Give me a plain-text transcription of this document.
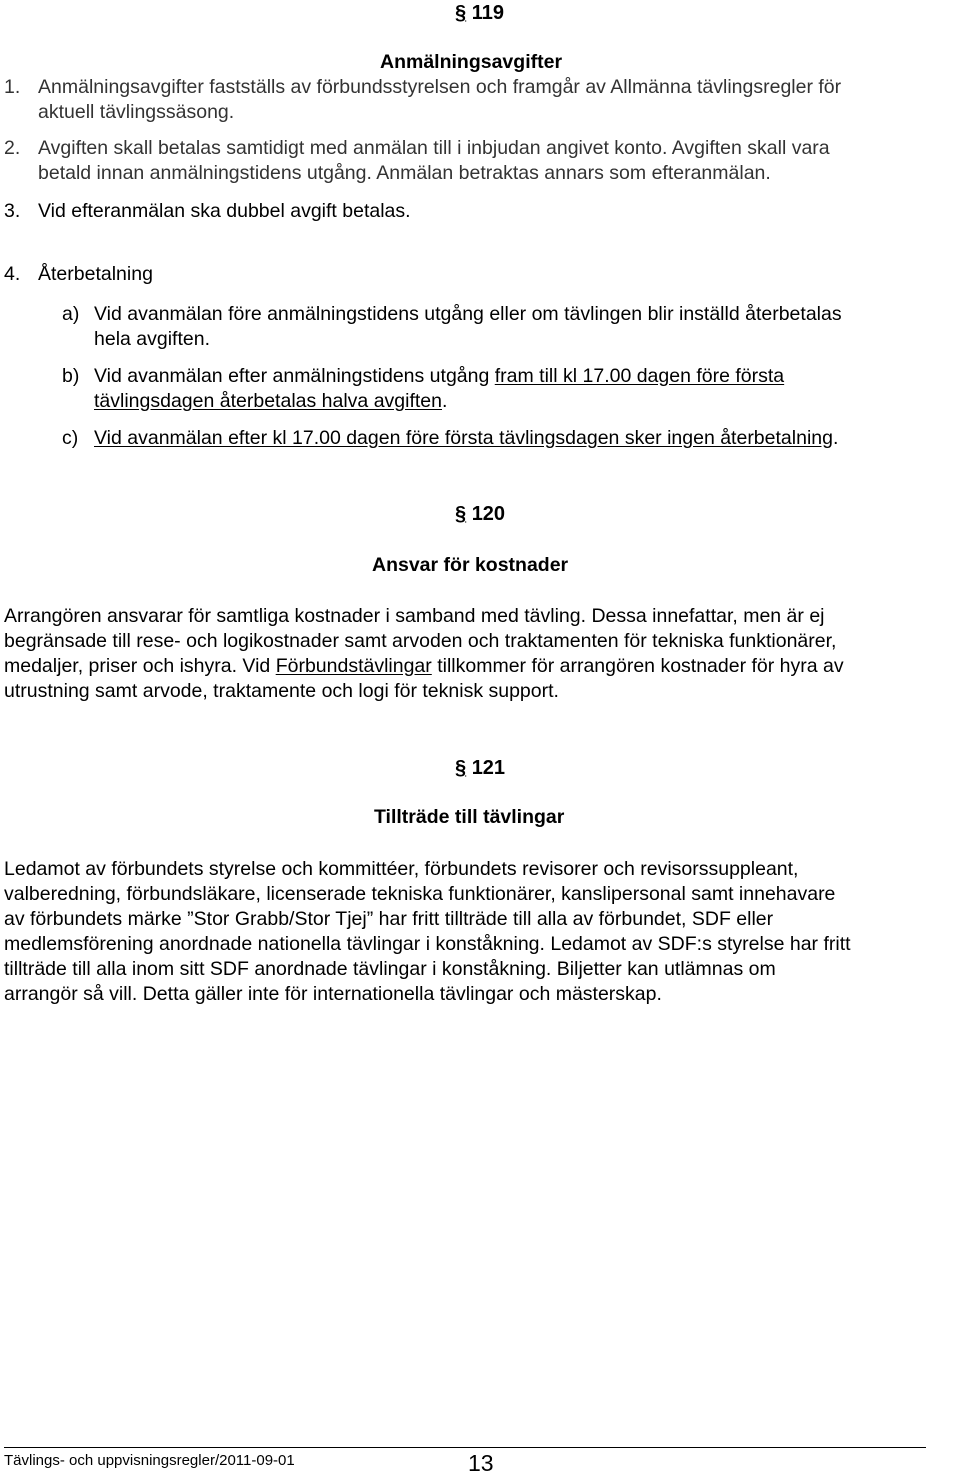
§ 119
Anmälningsavgifter
1. Anmälningsavgifter fastställs av förbundsstyrelsen och framgår av Allmänna tävlingsregler för
aktuell tävlingssäsong.
2. Avgiften skall betalas samtidigt med anmälan till i inbjudan angivet konto. Avgiften skall vara
betald innan anmälningstidens utgång. Anmälan betraktas annars som efteranmälan.
3. Vid efteranmälan ska dubbel avgift betalas.
4. Återbetalning
a) Vid avanmälan före anmälningstidens utgång eller om tävlingen blir inställd återbetalas
hela avgiften.
b) Vid avanmälan efter anmälningstidens utgång fram till kl 17.00 dagen före första
tävlingsdagen återbetalas halva avgiften.
c) Vid avanmälan efter kl 17.00 dagen före första tävlingsdagen sker ingen återbetalning.
§ 120
Ansvar för kostnader
Arrangören ansvarar för samtliga kostnader i samband med tävling. Dessa innefattar, men är ej
begränsade till rese- och logikostnader samt arvoden och traktamenten för tekniska funktionärer,
medaljer, priser och ishyra. Vid Förbundstävlingar tillkommer för arrangören kostnader för hyra av
utrustning samt arvode, traktamente och logi för teknisk support.
§ 121
Tillträde till tävlingar
Ledamot av förbundets styrelse och kommittéer, förbundets revisorer och revisorssuppleant,
valberedning, förbundsläkare, licenserade tekniska funktionärer, kanslipersonal samt innehavare
av förbundets märke ”Stor Grabb/Stor Tjej” har fritt tillträde till alla av förbundet, SDF eller
medlemsförening anordnade nationella tävlingar i konståkning. Ledamot av SDF:s styrelse har fritt
tillträde till alla inom sitt SDF anordnade tävlingar i konståkning. Biljetter kan utlämnas om
arrangör så vill. Detta gäller inte för internationella tävlingar och mästerskap.
Tävlings- och uppvisningsregler/2011-09-01	13
